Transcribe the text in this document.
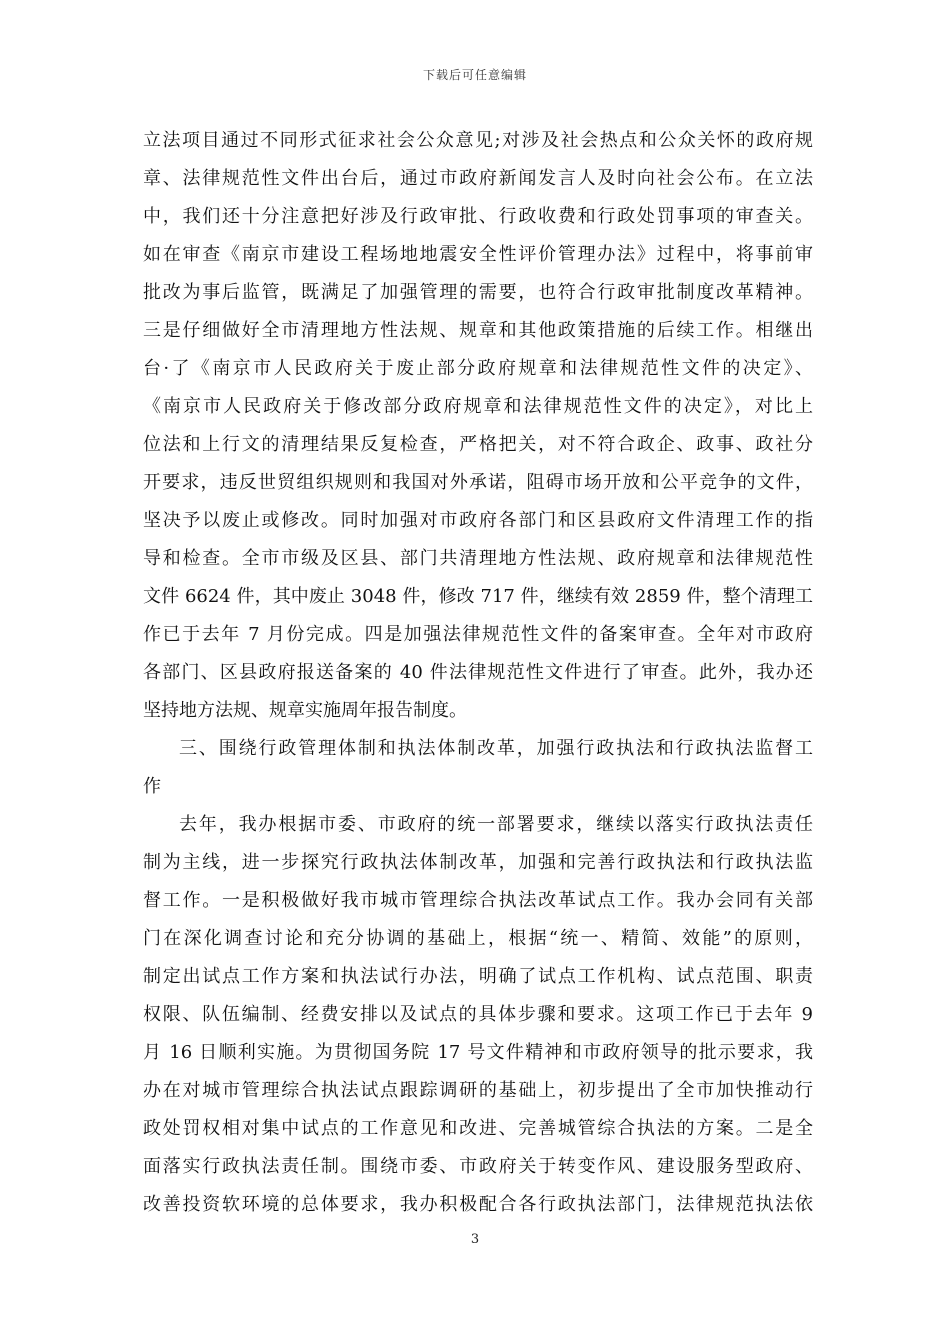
下载后可任意编辑
立法项目通过不同形式征求社会公众意见;对涉及社会热点和公众关怀的政府规
章、法律规范性文件出台后，通过市政府新闻发言人及时向社会公布。在立法
中，我们还十分注意把好涉及行政审批、行政收费和行政处罚事项的审查关。
如在审查《南京市建设工程场地地震安全性评价管理办法》过程中，将事前审
批改为事后监管，既满足了加强管理的需要，也符合行政审批制度改革精神。
三是仔细做好全市清理地方性法规、规章和其他政策措施的后续工作。相继出
台·了《南京市人民政府关于废止部分政府规章和法律规范性文件的决定》、
《南京市人民政府关于修改部分政府规章和法律规范性文件的决定》，对比上
位法和上行文的清理结果反复检查，严格把关，对不符合政企、政事、政社分
开要求，违反世贸组织规则和我国对外承诺，阻碍市场开放和公平竞争的文件，
坚决予以废止或修改。同时加强对市政府各部门和区县政府文件清理工作的指
导和检查。全市市级及区县、部门共清理地方性法规、政府规章和法律规范性
文件 6624 件，其中废止 3048 件，修改 717 件，继续有效 2859 件，整个清理工
作已于去年 7 月份完成。四是加强法律规范性文件的备案审查。全年对市政府
各部门、区县政府报送备案的 40 件法律规范性文件进行了审查。此外，我办还
坚持地方法规、规章实施周年报告制度。
三、围绕行政管理体制和执法体制改革，加强行政执法和行政执法监督工
作
去年，我办根据市委、市政府的统一部署要求，继续以落实行政执法责任
制为主线，进一步探究行政执法体制改革，加强和完善行政执法和行政执法监
督工作。一是积极做好我市城市管理综合执法改革试点工作。我办会同有关部
门在深化调查讨论和充分协调的基础上，根据“统一、精简、效能”的原则，
制定出试点工作方案和执法试行办法，明确了试点工作机构、试点范围、职责
权限、队伍编制、经费安排以及试点的具体步骤和要求。这项工作已于去年 9
月 16 日顺利实施。为贯彻国务院 17 号文件精神和市政府领导的批示要求，我
办在对城市管理综合执法试点跟踪调研的基础上，初步提出了全市加快推动行
政处罚权相对集中试点的工作意见和改进、完善城管综合执法的方案。二是全
面落实行政执法责任制。围绕市委、市政府关于转变作风、建设服务型政府、
改善投资软环境的总体要求，我办积极配合各行政执法部门，法律规范执法依
3
